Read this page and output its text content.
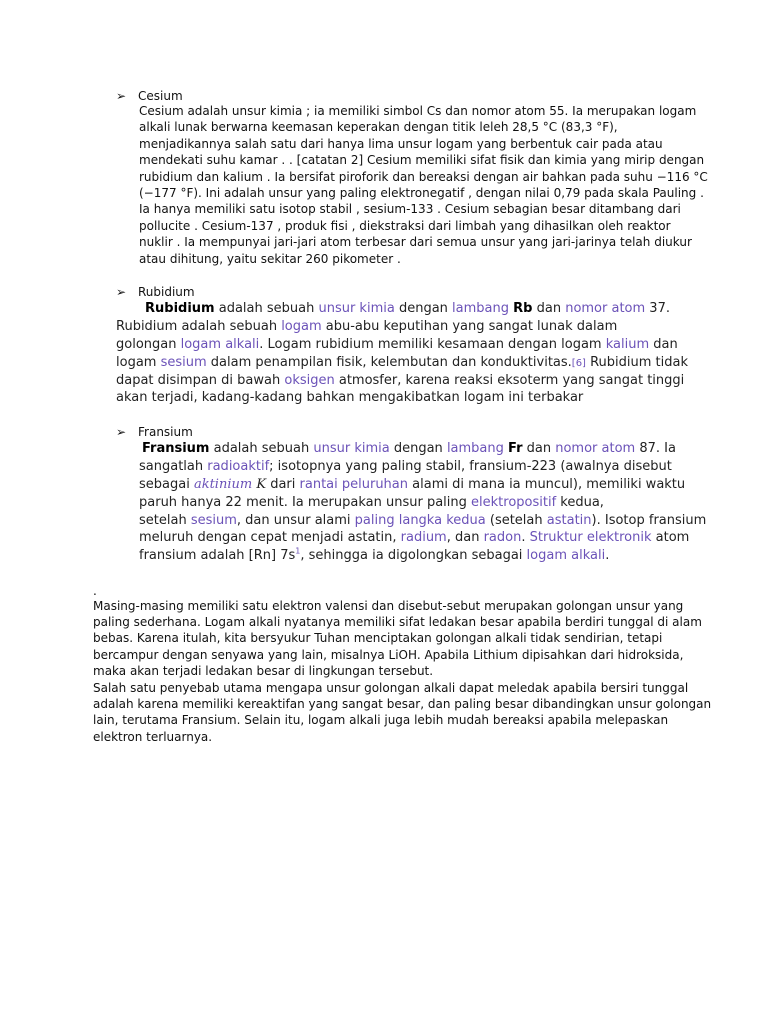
➢ Cesium
Cesium adalah unsur kimia ; ia memiliki simbol Cs dan nomor atom 55. Ia merupakan logam
alkali lunak berwarna keemasan keperakan dengan titik leleh 28,5 °C (83,3 °F),
menjadikannya salah satu dari hanya lima unsur logam yang berbentuk cair pada atau
mendekati suhu kamar . . [catatan 2] Cesium memiliki sifat fisik dan kimia yang mirip dengan
rubidium dan kalium . Ia bersifat piroforik dan bereaksi dengan air bahkan pada suhu −116 °C
(−177 °F). Ini adalah unsur yang paling elektronegatif , dengan nilai 0,79 pada skala Pauling .
Ia hanya memiliki satu isotop stabil , sesium-133 . Cesium sebagian besar ditambang dari
pollucite . Cesium-137 , produk fisi , diekstraksi dari limbah yang dihasilkan oleh reaktor
nuklir . Ia mempunyai jari-jari atom terbesar dari semua unsur yang jari-jarinya telah diukur
atau dihitung, yaitu sekitar 260 pikometer .
➢ Rubidium
Rubidium adalah sebuah unsur kimia dengan lambang Rb dan nomor atom 37.
Rubidium adalah sebuah logam abu-abu keputihan yang sangat lunak dalam
golongan logam alkali. Logam rubidium memiliki kesamaan dengan logam kalium dan
logam sesium dalam penampilan fisik, kelembutan dan konduktivitas.[6] Rubidium tidak
dapat disimpan di bawah oksigen atmosfer, karena reaksi eksoterm yang sangat tinggi
akan terjadi, kadang-kadang bahkan mengakibatkan logam ini terbakar
➢ Fransium
Fransium adalah sebuah unsur kimia dengan lambang Fr dan nomor atom 87. Ia
sangatlah radioaktif; isotopnya yang paling stabil, fransium-223 (awalnya disebut
sebagai aktinium K dari rantai peluruhan alami di mana ia muncul), memiliki waktu
paruh hanya 22 menit. Ia merupakan unsur paling elektropositif kedua,
setelah sesium, dan unsur alami paling langka kedua (setelah astatin). Isotop fransium
meluruh dengan cepat menjadi astatin, radium, dan radon. Struktur elektronik atom
fransium adalah [Rn] $7s^1$, sehingga ia digolongkan sebagai logam alkali.
.
Masing-masing memiliki satu elektron valensi dan disebut-sebut merupakan golongan unsur yang
paling sederhana. Logam alkali nyatanya memiliki sifat ledakan besar apabila berdiri tunggal di alam
bebas. Karena itulah, kita bersyukur Tuhan menciptakan golongan alkali tidak sendirian, tetapi
bercampur dengan senyawa yang lain, misalnya LiOH. Apabila Lithium dipisahkan dari hidroksida,
maka akan terjadi ledakan besar di lingkungan tersebut.
Salah satu penyebab utama mengapa unsur golongan alkali dapat meledak apabila bersiri tunggal
adalah karena memiliki kereaktifan yang sangat besar, dan paling besar dibandingkan unsur golongan
lain, terutama Fransium. Selain itu, logam alkali juga lebih mudah bereaksi apabila melepaskan
elektron terluarnya.
